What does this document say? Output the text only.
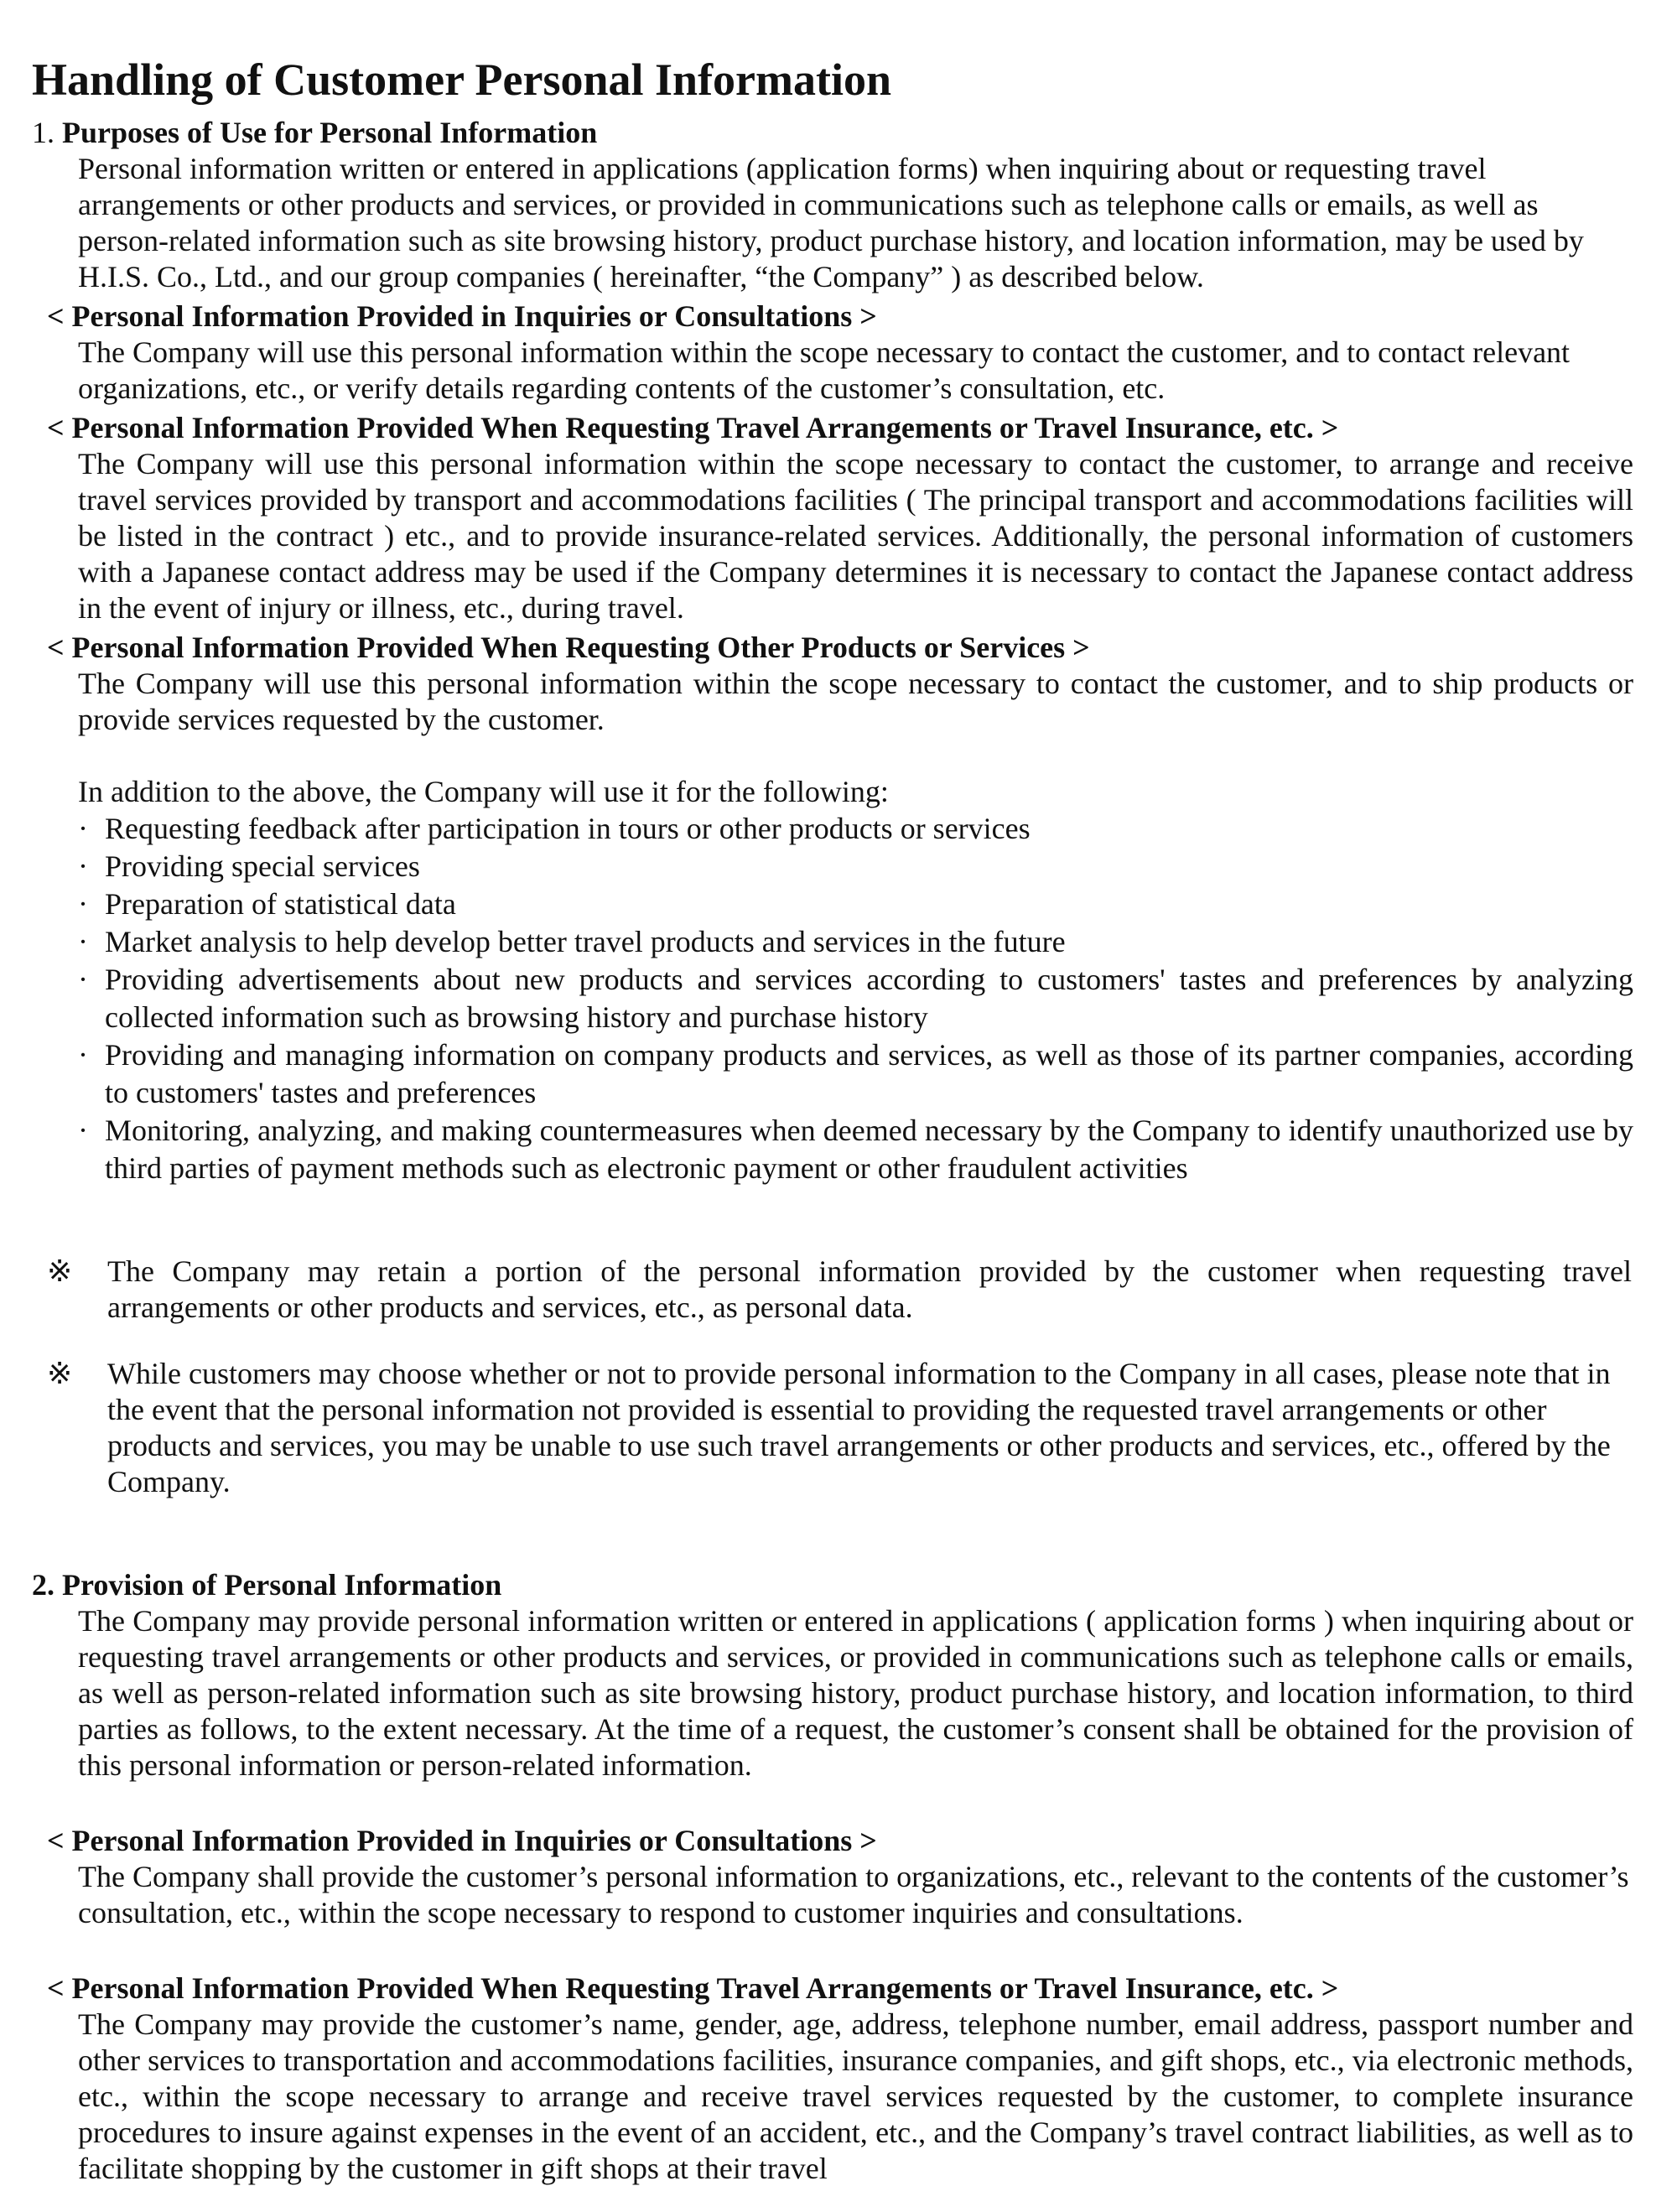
Handling of Customer Personal Information

1. Purposes of Use for Personal Information

Personal information written or entered in applications (application forms) when inquiring about or requesting travel arrangements or other products and services, or provided in communications such as telephone calls or emails, as well as person-related information such as site browsing history, product purchase history, and location information, may be used by H.I.S. Co., Ltd., and our group companies ( hereinafter, “the Company” ) as described below.

< Personal Information Provided in Inquiries or Consultations >

The Company will use this personal information within the scope necessary to contact the customer, and to contact relevant organizations, etc., or verify details regarding contents of the customer’s consultation, etc.

< Personal Information Provided When Requesting Travel Arrangements or Travel Insurance, etc. >

The Company will use this personal information within the scope necessary to contact the customer, to arrange and receive travel services provided by transport and accommodations facilities ( The principal transport and accommodations facilities will be listed in the contract ) etc., and to provide insurance-related services. Additionally, the personal information of customers with a Japanese contact address may be used if the Company determines it is necessary to contact the Japanese contact address in the event of injury or illness, etc., during travel.

< Personal Information Provided When Requesting Other Products or Services >

The Company will use this personal information within the scope necessary to contact the customer, and to ship products or provide services requested by the customer.

In addition to the above, the Company will use it for the following:

· Requesting feedback after participation in tours or other products or services
· Providing special services
· Preparation of statistical data
· Market analysis to help develop better travel products and services in the future
· Providing advertisements about new products and services according to customers' tastes and preferences by analyzing collected information such as browsing history and purchase history
· Providing and managing information on company products and services, as well as those of its partner companies, according to customers' tastes and preferences
· Monitoring, analyzing, and making countermeasures when deemed necessary by the Company to identify unauthorized use by third parties of payment methods such as electronic payment or other fraudulent activities

※ The Company may retain a portion of the personal information provided by the customer when requesting travel arrangements or other products and services, etc., as personal data.

※ While customers may choose whether or not to provide personal information to the Company in all cases, please note that in the event that the personal information not provided is essential to providing the requested travel arrangements or other products and services, you may be unable to use such travel arrangements or other products and services, etc., offered by the Company.

2. Provision of Personal Information

The Company may provide personal information written or entered in applications ( application forms ) when inquiring about or requesting travel arrangements or other products and services, or provided in communications such as telephone calls or emails, as well as person-related information such as site browsing history, product purchase history, and location information, to third parties as follows, to the extent necessary. At the time of a request, the customer’s consent shall be obtained for the provision of this personal information or person-related information.

< Personal Information Provided in Inquiries or Consultations >

The Company shall provide the customer’s personal information to organizations, etc., relevant to the contents of the customer’s consultation, etc., within the scope necessary to respond to customer inquiries and consultations.

< Personal Information Provided When Requesting Travel Arrangements or Travel Insurance, etc. >

The Company may provide the customer’s name, gender, age, address, telephone number, email address, passport number and other services to transportation and accommodations facilities, insurance companies, and gift shops, etc., via electronic methods, etc., within the scope necessary to arrange and receive travel services requested by the customer, to complete insurance procedures to insure against expenses in the event of an accident, etc., and the Company’s travel contract liabilities, as well as to facilitate shopping by the customer in gift shops at their travel
